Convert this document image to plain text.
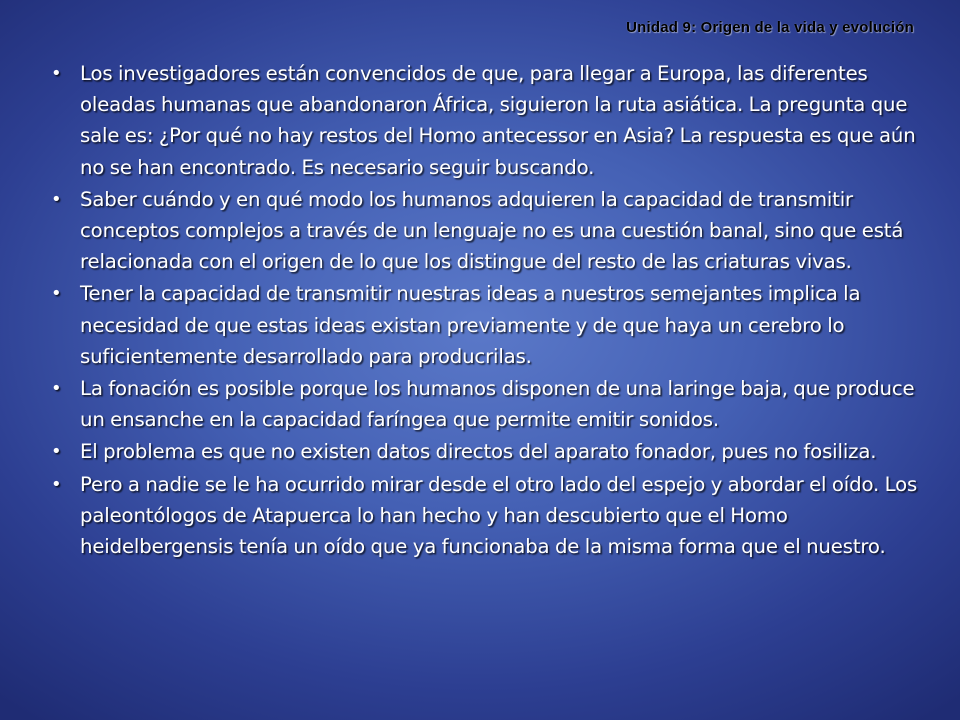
Unidad 9: Origen de la vida y evolución
• Los investigadores están convencidos de que, para llegar a Europa, las diferentes oleadas humanas que abandonaron África, siguieron la ruta asiática. La pregunta que sale es: ¿Por qué no hay restos del Homo antecessor en Asia? La respuesta es que aún no se han encontrado. Es necesario seguir buscando.
• Saber cuándo y en qué modo los humanos adquieren la capacidad de transmitir conceptos complejos a través de un lenguaje no es una cuestión banal, sino que está relacionada con el origen de lo que los distingue del resto de las criaturas vivas.
• Tener la capacidad de transmitir nuestras ideas a nuestros semejantes implica la necesidad de que estas ideas existan previamente y de que haya un cerebro lo suficientemente desarrollado para producrilas.
• La fonación es posible porque los humanos disponen de una laringe baja, que produce un ensanche en la capacidad faríngea que permite emitir sonidos.
• El problema es que no existen datos directos del aparato fonador, pues no fosiliza.
• Pero a nadie se le ha ocurrido mirar desde el otro lado del espejo y abordar el oído. Los paleontólogos de Atapuerca lo han hecho y han descubierto que el Homo heidelbergensis tenía un oído que ya funcionaba de la misma forma que el nuestro.
